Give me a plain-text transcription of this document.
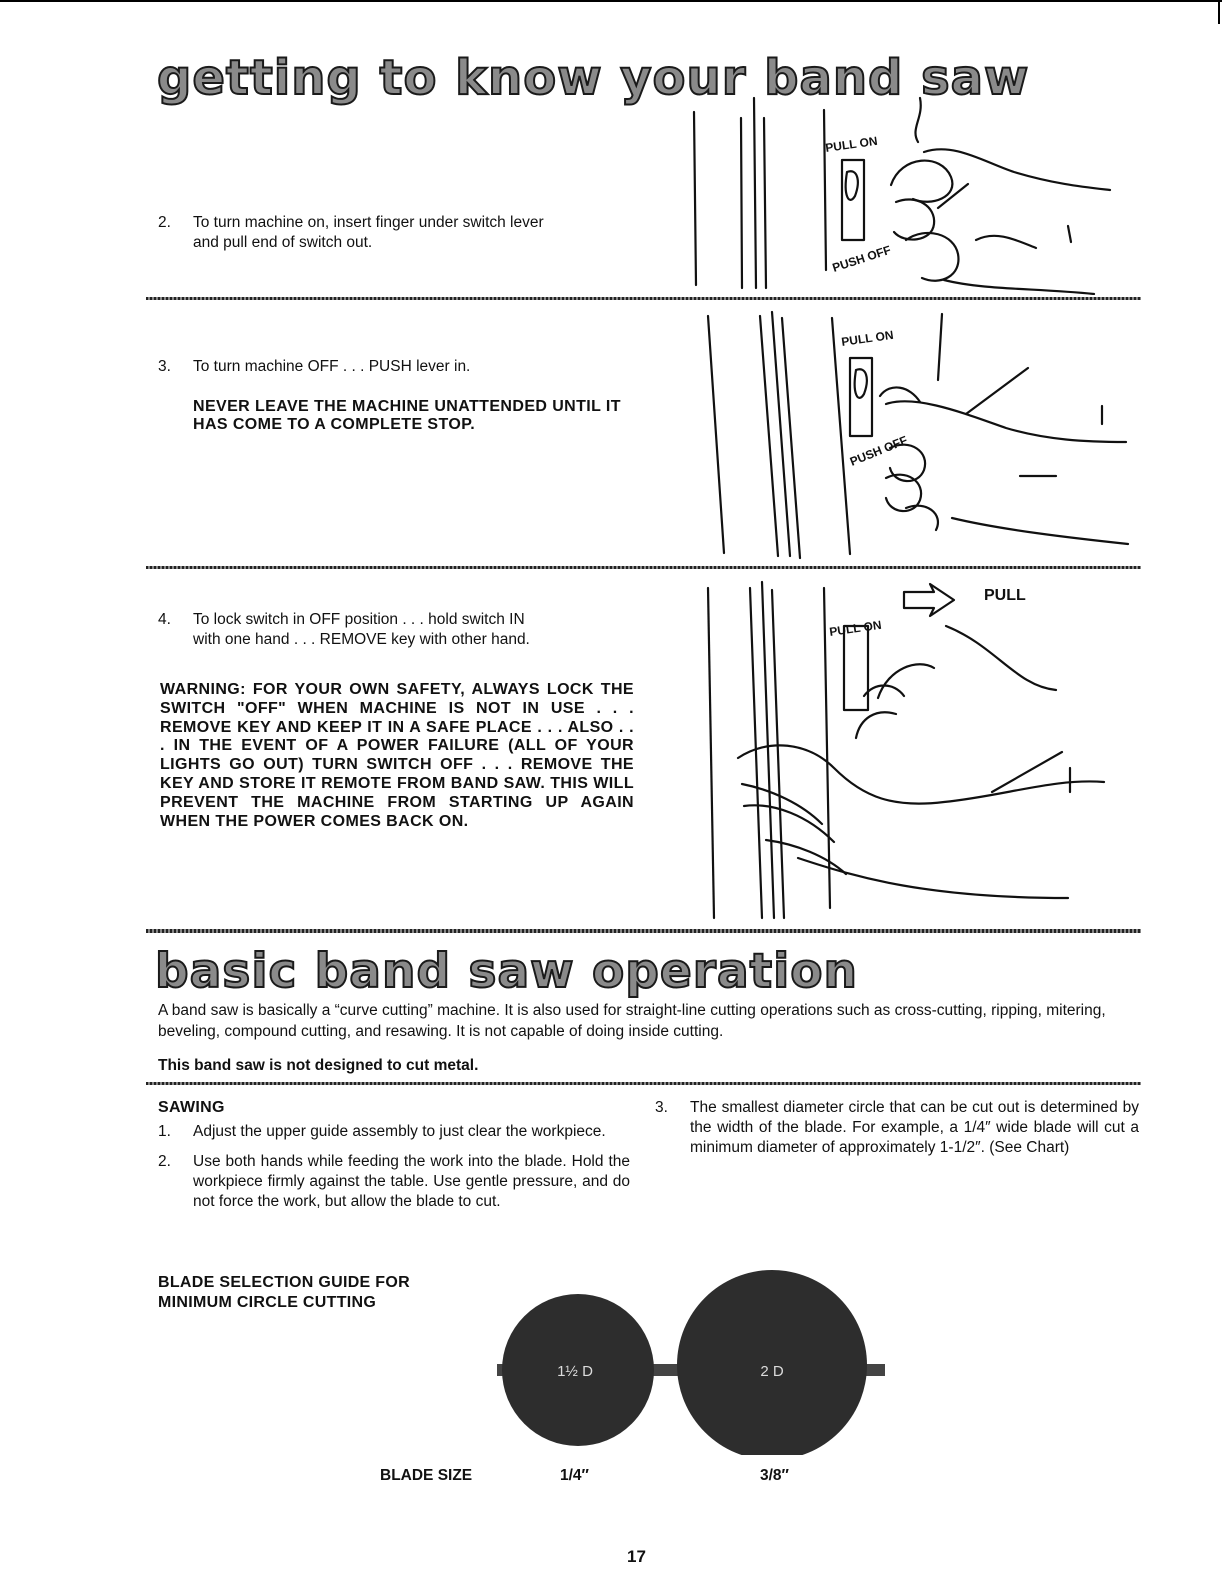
getting to know your band saw
2. To turn machine on, insert finger under switch lever
and pull end of switch out.
PULL ON
PUSH OFF
3. To turn machine OFF . . . PUSH lever in.
NEVER LEAVE THE MACHINE UNATTENDED UNTIL IT HAS COME TO A COMPLETE STOP.
PULL ON
PUSH OFF
4. To lock switch in OFF position . . . hold switch IN
with one hand . . . REMOVE key with other hand.
WARNING: FOR YOUR OWN SAFETY, ALWAYS LOCK THE SWITCH "OFF" WHEN MACHINE IS NOT IN USE . . . REMOVE KEY AND KEEP IT IN A SAFE PLACE . . . ALSO . . . IN THE EVENT OF A POWER FAILURE (ALL OF YOUR LIGHTS GO OUT) TURN SWITCH OFF . . . REMOVE THE KEY AND STORE IT REMOTE FROM BAND SAW. THIS WILL PREVENT THE MACHINE FROM STARTING UP AGAIN WHEN THE POWER COMES BACK ON.
PULL ON
PULL
basic band saw operation

A band saw is basically a “curve cutting” machine. It is also used for straight-line cutting operations such as cross-cutting, ripping, mitering, beveling, compound cutting, and resawing. It is not capable of doing inside cutting.

This band saw is not designed to cut metal.
SAWING
1. Adjust the upper guide assembly to just clear the workpiece.
2. Use both hands while feeding the work into the blade. Hold the workpiece firmly against the table. Use gentle pressure, and do not force the work, but allow the blade to cut.
3. The smallest diameter circle that can be cut out is determined by the width of the blade. For example, a 1/4″ wide blade will cut a minimum diameter of approximately 1-1/2″. (See Chart)
BLADE SELECTION GUIDE FOR MINIMUM CIRCLE CUTTING
1½ D	2 D
BLADE SIZE	1/4″	3/8″
17
